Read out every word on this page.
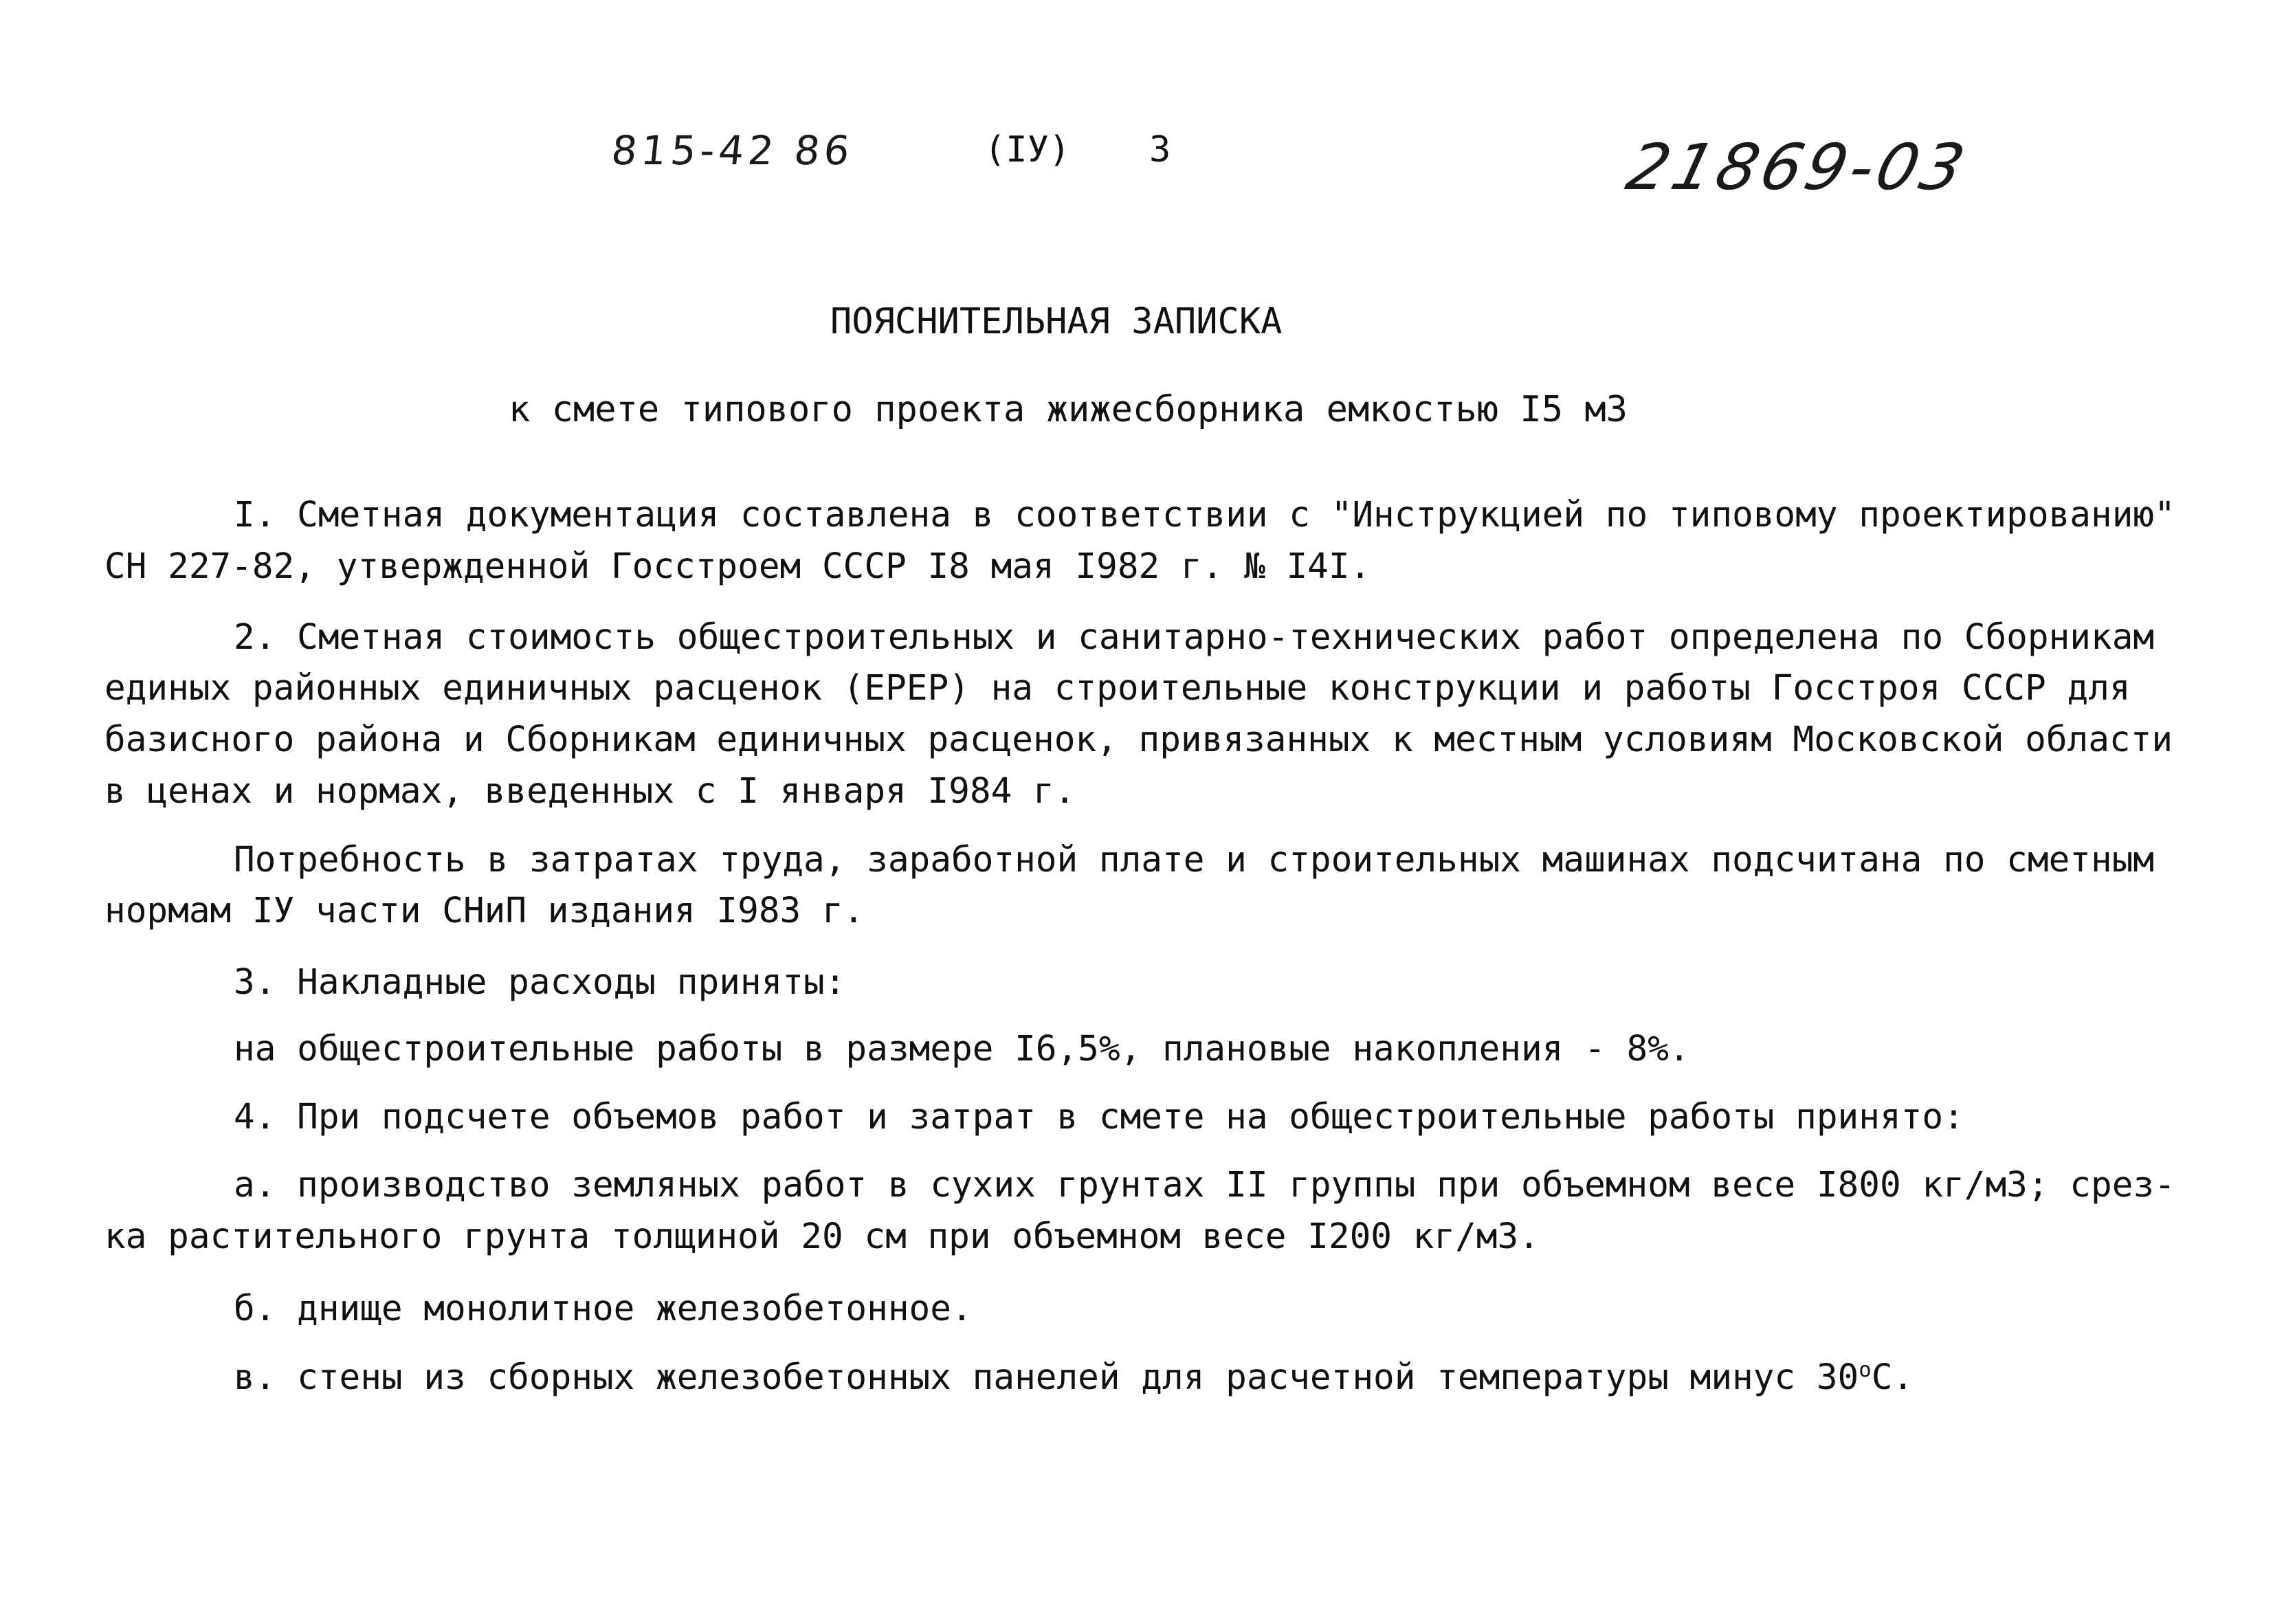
815-42 86	(IУ) 3	21869-03
ПОЯСНИТЕЛЬНАЯ ЗАПИСКА
к смете типового проекта жижесборника емкостью I5 м3
I. Сметная документация составлена в соответствии с "Инструкцией по типовому проектированию"
СН 227-82, утвержденной Госстроем СССР I8 мая I982 г. № I4I.
2. Сметная стоимость общестроительных и санитарно-технических работ определена по Сборникам
единых районных единичных расценок (ЕРЕР) на строительные конструкции и работы Госстроя СССР для
базисного района и Сборникам единичных расценок, привязанных к местным условиям Московской области
в ценах и нормах, введенных с I января I984 г.
Потребность в затратах труда, заработной плате и строительных машинах подсчитана по сметным
нормам IУ части СНиП издания I983 г.
3. Накладные расходы приняты:
на общестроительные работы в размере I6,5%, плановые накопления - 8%.
4. При подсчете объемов работ и затрат в смете на общестроительные работы принято:
а. производство земляных работ в сухих грунтах II группы при объемном весе I800 кг/м3; срез-
ка растительного грунта толщиной 20 см при объемном весе I200 кг/м3.
б. днище монолитное железобетонное.
в. стены из сборных железобетонных панелей для расчетной температуры минус 30$^o$С.
